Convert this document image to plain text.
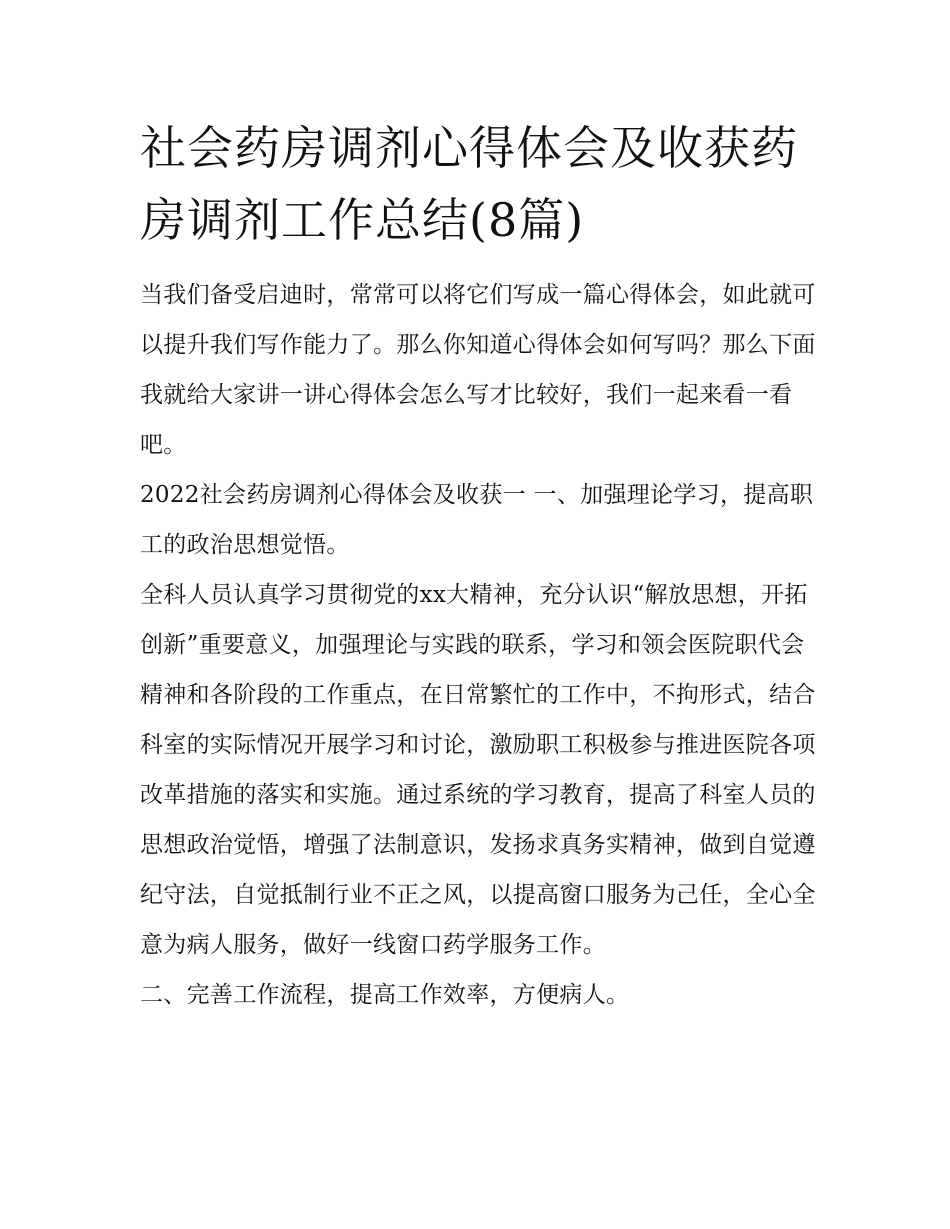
社会药房调剂心得体会及收获药房调剂工作总结(8篇)

当我们备受启迪时，常常可以将它们写成一篇心得体会，如此就可以提升我们写作能力了。那么你知道心得体会如何写吗？那么下面我就给大家讲一讲心得体会怎么写才比较好，我们一起来看一看吧。

2022社会药房调剂心得体会及收获一 一、加强理论学习，提高职工的政治思想觉悟。

全科人员认真学习贯彻党的xx大精神，充分认识“解放思想，开拓创新”重要意义，加强理论与实践的联系，学习和领会医院职代会精神和各阶段的工作重点，在日常繁忙的工作中，不拘形式，结合科室的实际情况开展学习和讨论，激励职工积极参与推进医院各项改革措施的落实和实施。通过系统的学习教育，提高了科室人员的思想政治觉悟，增强了法制意识，发扬求真务实精神，做到自觉遵纪守法，自觉抵制行业不正之风，以提高窗口服务为己任，全心全意为病人服务，做好一线窗口药学服务工作。

二、完善工作流程，提高工作效率，方便病人。
